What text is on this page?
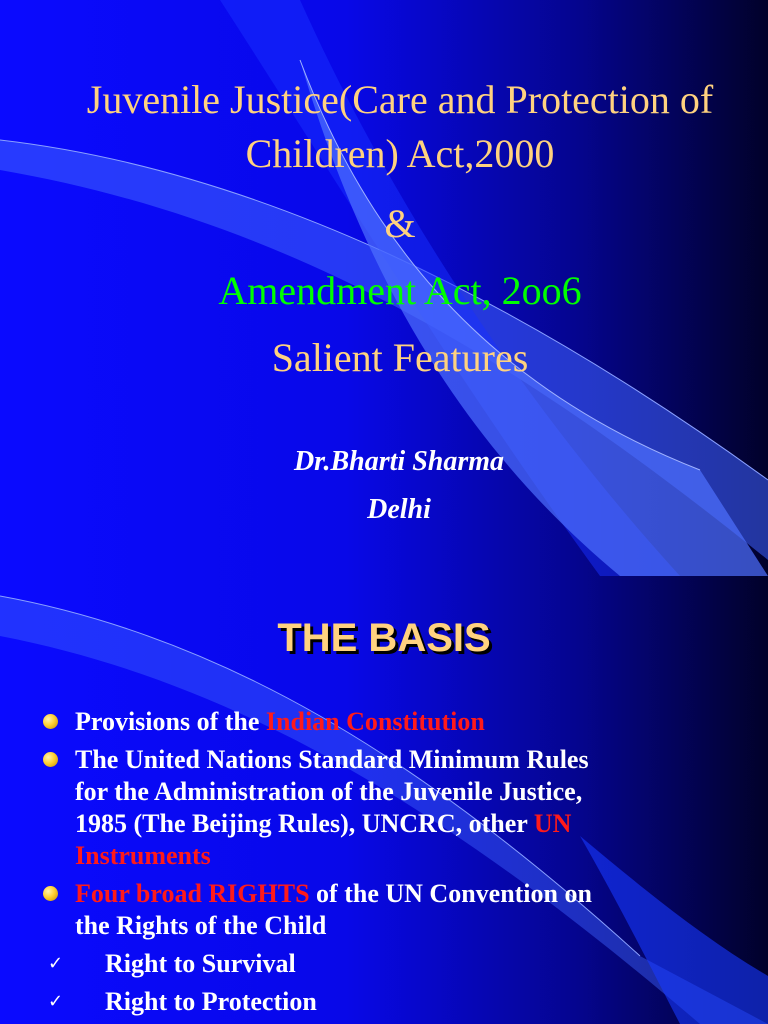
Juvenile Justice(Care and Protection of
Children) Act,2000
&
Amendment Act, 2oo6
Salient Features
Dr.Bharti Sharma
Delhi
THE BASIS
Provisions of the Indian Constitution
The United Nations Standard Minimum Rules
for the Administration of the Juvenile Justice,
1985 (The Beijing Rules), UNCRC, other UN
Instruments
Four broad RIGHTS of the UN Convention on
the Rights of the Child
✓ Right to Survival
✓ Right to Protection
